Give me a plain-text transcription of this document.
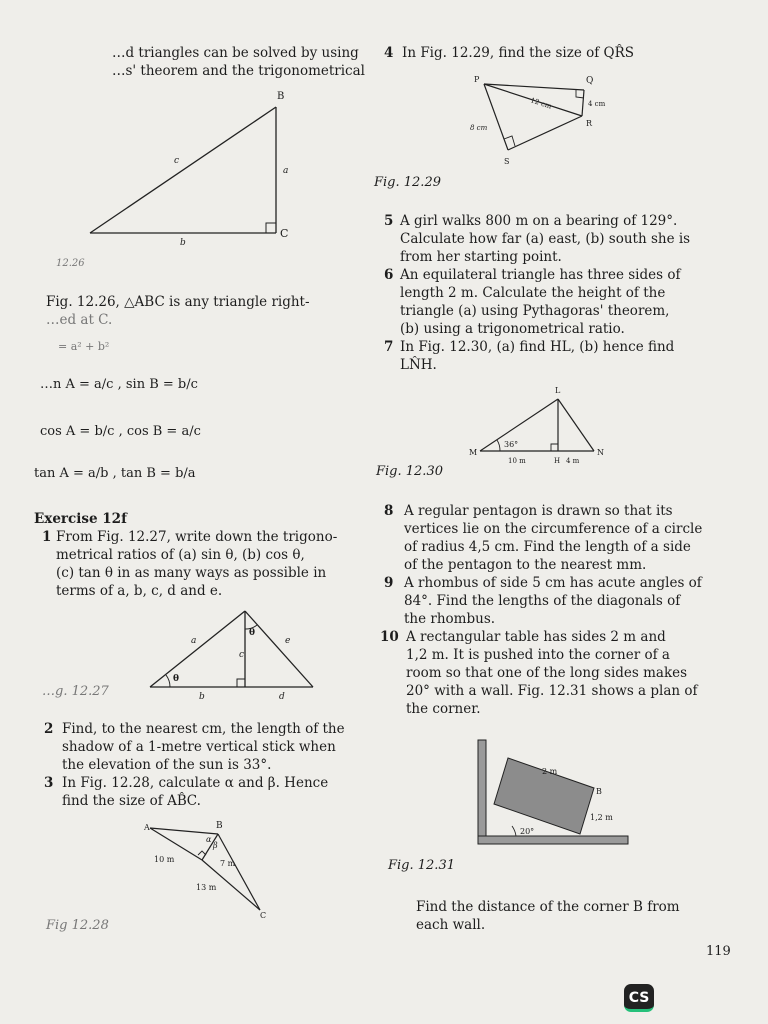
…d triangles can be solved by using
…s' theorem and the trigonometrical
B
C
a
b
c
12.26
Fig. 12.26, △ABC is any triangle right-
…ed at C.
= a² + b²
…n A = a/c , sin B = b/c
cos A = b/c , cos B = a/c
tan A = a/b , tan B = b/a
Exercise 12f
1 From Fig. 12.27, write down the trigono-
metrical ratios of (a) sin θ, (b) cos θ,
(c) tan θ in as many ways as possible in
terms of a, b, c, d and e.
θ
θ
a	e
c
b	d
…g. 12.27
2 Find, to the nearest cm, the length of the
shadow of a 1-metre vertical stick when
the elevation of the sun is 33°.
3 In Fig. 12.28, calculate α and β. Hence
find the size of AB̂C.
A	B
C
α
β
10 m	7 m
13 m
Fig 12.28
4 In Fig. 12.29, find the size of QR̂S
P	Q
R
S
12 cm	4 cm
8 cm
Fig. 12.29
5 A girl walks 800 m on a bearing of 129°.
Calculate how far (a) east, (b) south she is
from her starting point.
6 An equilateral triangle has three sides of
length 2 m. Calculate the height of the
triangle (a) using Pythagoras' theorem,
(b) using a trigonometrical ratio.
7 In Fig. 12.30, (a) find HL, (b) hence find
LN̂H.
L
M	N
36°
10 m	H 4 m
Fig. 12.30
8 A regular pentagon is drawn so that its
vertices lie on the circumference of a circle
of radius 4,5 cm. Find the length of a side
of the pentagon to the nearest mm.
9 A rhombus of side 5 cm has acute angles of
84°. Find the lengths of the diagonals of
the rhombus.
10 A rectangular table has sides 2 m and
1,2 m. It is pushed into the corner of a
room so that one of the long sides makes
20° with a wall. Fig. 12.31 shows a plan of
the corner.
2 m
B
1,2 m
20°
Fig. 12.31
Find the distance of the corner B from
each wall.
119
CS
